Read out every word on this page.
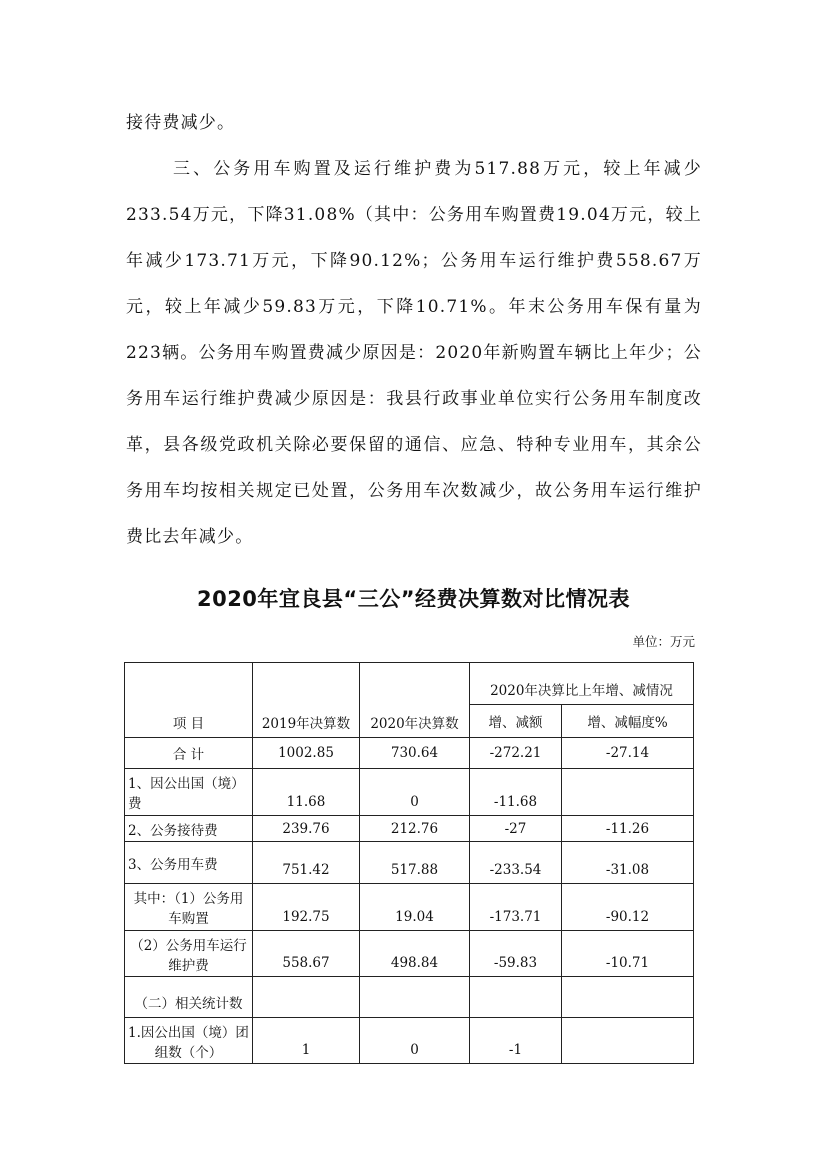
接待费减少。

三、公务用车购置及运行维护费为517.88万元，较上年减少233.54万元，下降31.08%（其中：公务用车购置费19.04万元，较上年减少173.71万元，下降90.12%；公务用车运行维护费558.67万元，较上年减少59.83万元，下降10.71%。年末公务用车保有量为223辆。公务用车购置费减少原因是：2020年新购置车辆比上年少；公务用车运行维护费减少原因是：我县行政事业单位实行公务用车制度改革，县各级党政机关除必要保留的通信、应急、特种专业用车，其余公务用车均按相关规定已处置，公务用车次数减少，故公务用车运行维护费比去年减少。

2020年宜良县“三公”经费决算数对比情况表

单位：万元

项 目	2019年决算数	2020年决算数	2020年决算比上年增、减情况	
			增、减额	增、减幅度%
合 计	1002.85	730.64	-272.21	-27.14
1、因公出国（境）费	11.68	0	-11.68	
2、公务接待费	239.76	212.76	-27	-11.26
3、公务用车费	751.42	517.88	-233.54	-31.08
其中：（1）公务用车购置	192.75	19.04	-173.71	-90.12
（2）公务用车运行维护费	558.67	498.84	-59.83	-10.71
（二）相关统计数				
1.因公出国（境）团组数（个）	1	0	-1	
